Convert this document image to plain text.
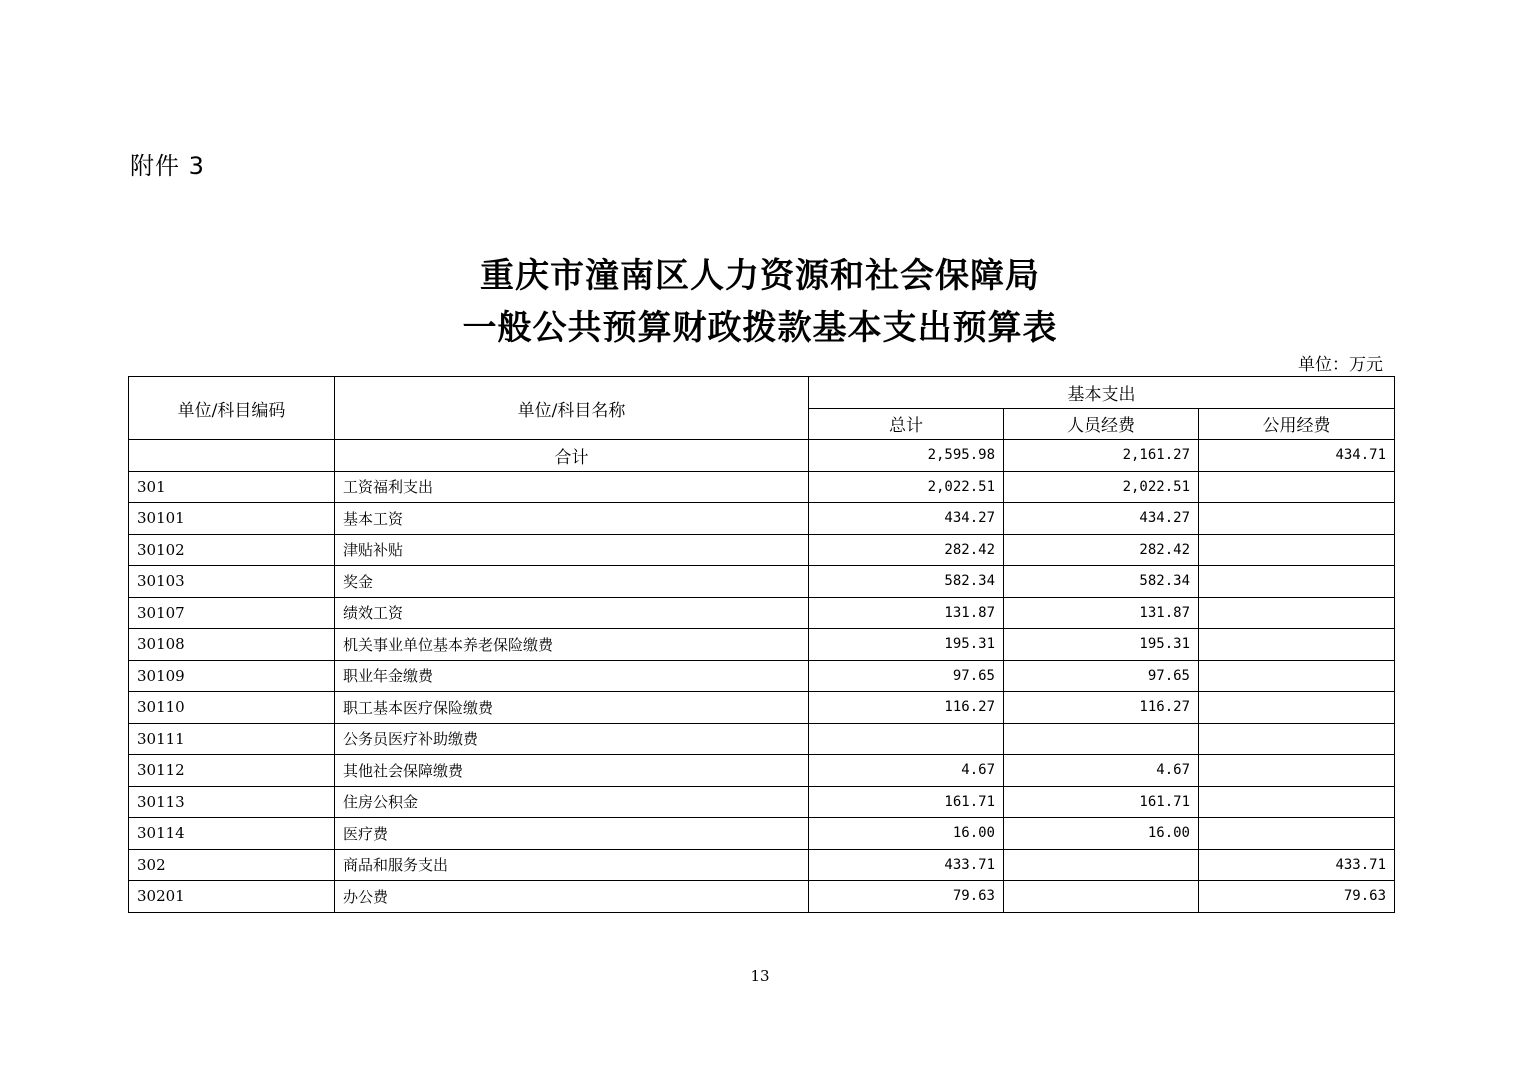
附件 3
重庆市潼南区人力资源和社会保障局
一般公共预算财政拨款基本支出预算表
单位：万元
单位/科目编码	单位/科目名称	基本支出		
		总计	人员经费	公用经费
	合计	2,595.98	2,161.27	434.71
301	工资福利支出	2,022.51	2,022.51	
30101	基本工资	434.27	434.27	
30102	津贴补贴	282.42	282.42	
30103	奖金	582.34	582.34	
30107	绩效工资	131.87	131.87	
30108	机关事业单位基本养老保险缴费	195.31	195.31	
30109	职业年金缴费	97.65	97.65	
30110	职工基本医疗保险缴费	116.27	116.27	
30111	公务员医疗补助缴费			
30112	其他社会保障缴费	4.67	4.67	
30113	住房公积金	161.71	161.71	
30114	医疗费	16.00	16.00	
302	商品和服务支出	433.71		433.71
30201	办公费	79.63		79.63
13
